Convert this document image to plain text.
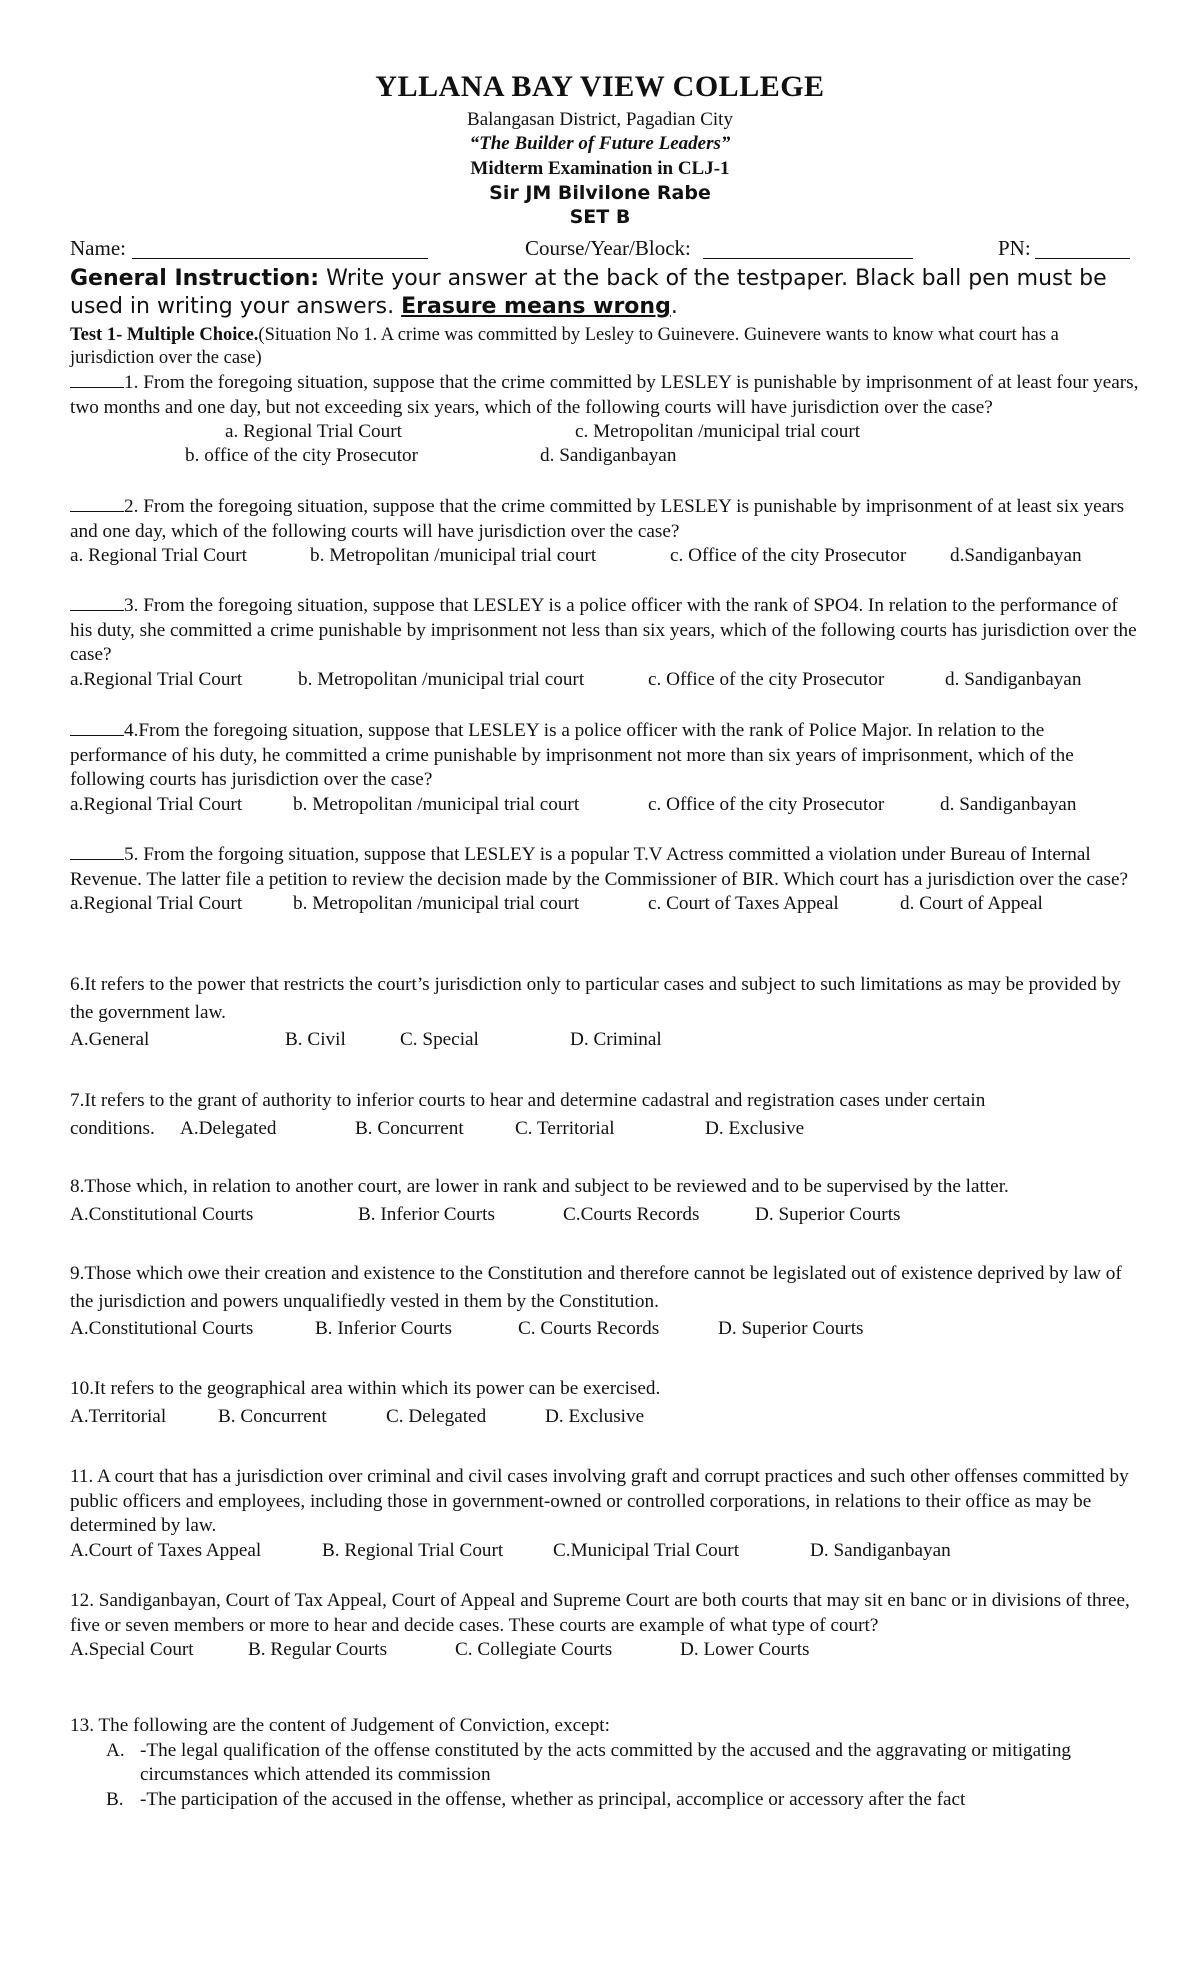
YLLANA BAY VIEW COLLEGE
Balangasan District, Pagadian City
“The Builder of Future Leaders”
Midterm Examination in CLJ-1
Sir JM Bilvilone Rabe
SET B
Name:	Course/Year/Block:	PN:
General Instruction: Write your answer at the back of the testpaper. Black ball pen must be used in writing your answers. Erasure means wrong.

Test 1- Multiple Choice.(Situation No 1. A crime was committed by Lesley to Guinevere. Guinevere wants to know what court has a jurisdiction over the case)

1. From the foregoing situation, suppose that the crime committed by LESLEY is punishable by imprisonment of at least four years, two months and one day, but not exceeding six years, which of the following courts will have jurisdiction over the case?

a. Regional Trial Court	c. Metropolitan /municipal trial court
b. office of the city Prosecutor	d. Sandiganbayan

2. From the foregoing situation, suppose that the crime committed by LESLEY is punishable by imprisonment of at least six years and one day, which of the following courts will have jurisdiction over the case?

a. Regional Trial Court	b. Metropolitan /municipal trial court	c. Office of the city Prosecutor d.Sandiganbayan

3. From the foregoing situation, suppose that LESLEY is a police officer with the rank of SPO4. In relation to the performance of his duty, she committed a crime punishable by imprisonment not less than six years, which of the following courts has jurisdiction over the case?

a.Regional Trial Court	b. Metropolitan /municipal trial court	c. Office of the city Prosecutor	d. Sandiganbayan

4.From the foregoing situation, suppose that LESLEY is a police officer with the rank of Police Major. In relation to the performance of his duty, he committed a crime punishable by imprisonment not more than six years of imprisonment, which of the following courts has jurisdiction over the case?

a.Regional Trial Court	b. Metropolitan /municipal trial court	c. Office of the city Prosecutor	d. Sandiganbayan

5. From the forgoing situation, suppose that LESLEY is a popular T.V Actress committed a violation under Bureau of Internal Revenue. The latter file a petition to review the decision made by the Commissioner of BIR. Which court has a jurisdiction over the case?

a.Regional Trial Court	b. Metropolitan /municipal trial court	c. Court of Taxes Appeal	d. Court of Appeal

6.It refers to the power that restricts the court’s jurisdiction only to particular cases and subject to such limitations as may be provided by the government law.

A.General	B. Civil	C. Special	D. Criminal

7.It refers to the grant of authority to inferior courts to hear and determine cadastral and registration cases under certain

conditions. A.Delegated	B. Concurrent	C. Territorial	D. Exclusive

8.Those which, in relation to another court, are lower in rank and subject to be reviewed and to be supervised by the latter.

A.Constitutional Courts	B. Inferior Courts	C.Courts Records	D. Superior Courts

9.Those which owe their creation and existence to the Constitution and therefore cannot be legislated out of existence deprived by law of the jurisdiction and powers unqualifiedly vested in them by the Constitution.

A.Constitutional Courts	B. Inferior Courts	C. Courts Records	D. Superior Courts

10.It refers to the geographical area within which its power can be exercised.

A.Territorial	B. Concurrent	C. Delegated	D. Exclusive

11. A court that has a jurisdiction over criminal and civil cases involving graft and corrupt practices and such other offenses committed by public officers and employees, including those in government-owned or controlled corporations, in relations to their office as may be determined by law.

A.Court of Taxes Appeal	B. Regional Trial Court	C.Municipal Trial Court	D. Sandiganbayan

12. Sandiganbayan, Court of Tax Appeal, Court of Appeal and Supreme Court are both courts that may sit en banc or in divisions of three, five or seven members or more to hear and decide cases. These courts are example of what type of court?

A.Special Court	B. Regular Courts	C. Collegiate Courts	D. Lower Courts

13. The following are the content of Judgement of Conviction, except:

A. -The legal qualification of the offense constituted by the acts committed by the accused and the aggravating or mitigating circumstances which attended its commission
B. -The participation of the accused in the offense, whether as principal, accomplice or accessory after the fact
